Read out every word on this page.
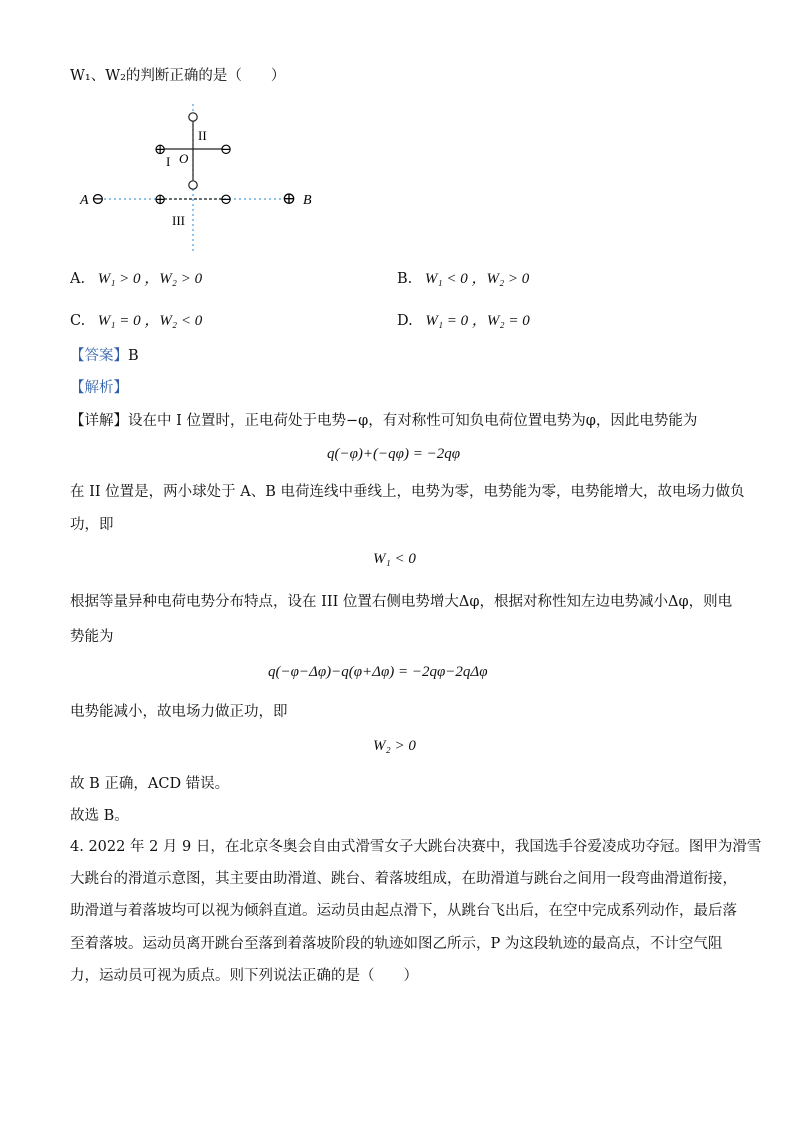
W₁、W₂的判断正确的是（　　）
⊕	⊖
⊕	⊖
⊖	⊕
A	B
II
I O
III
A. W₁ > 0 ，W₂ > 0	B. W₁ < 0 ，W₂ > 0
C. W₁ = 0 ，W₂ < 0	D. W₁ = 0 ，W₂ = 0
【答案】B
【解析】
【详解】设在中 I 位置时，正电荷处于电势−φ，有对称性可知负电荷位置电势为φ，因此电势能为
q(−φ)+(−qφ) = −2qφ
在 II 位置是，两小球处于 A、B 电荷连线中垂线上，电势为零，电势能为零，电势能增大，故电场力做负
功，即
W₁ < 0
根据等量异种电荷电势分布特点，设在 III 位置右侧电势增大Δφ，根据对称性知左边电势减小Δφ，则电
势能为
q(−φ−Δφ)−q(φ+Δφ) = −2qφ−2qΔφ
电势能减小，故电场力做正功，即
W₂ > 0
故 B 正确，ACD 错误。
故选 B。
4. 2022 年 2 月 9 日，在北京冬奥会自由式滑雪女子大跳台决赛中，我国选手谷爱凌成功夺冠。图甲为滑雪
大跳台的滑道示意图，其主要由助滑道、跳台、着落坡组成，在助滑道与跳台之间用一段弯曲滑道衔接，
助滑道与着落坡均可以视为倾斜直道。运动员由起点滑下，从跳台飞出后，在空中完成系列动作，最后落
至着落坡。运动员离开跳台至落到着落坡阶段的轨迹如图乙所示，P 为这段轨迹的最高点，不计空气阻
力，运动员可视为质点。则下列说法正确的是（　　）
